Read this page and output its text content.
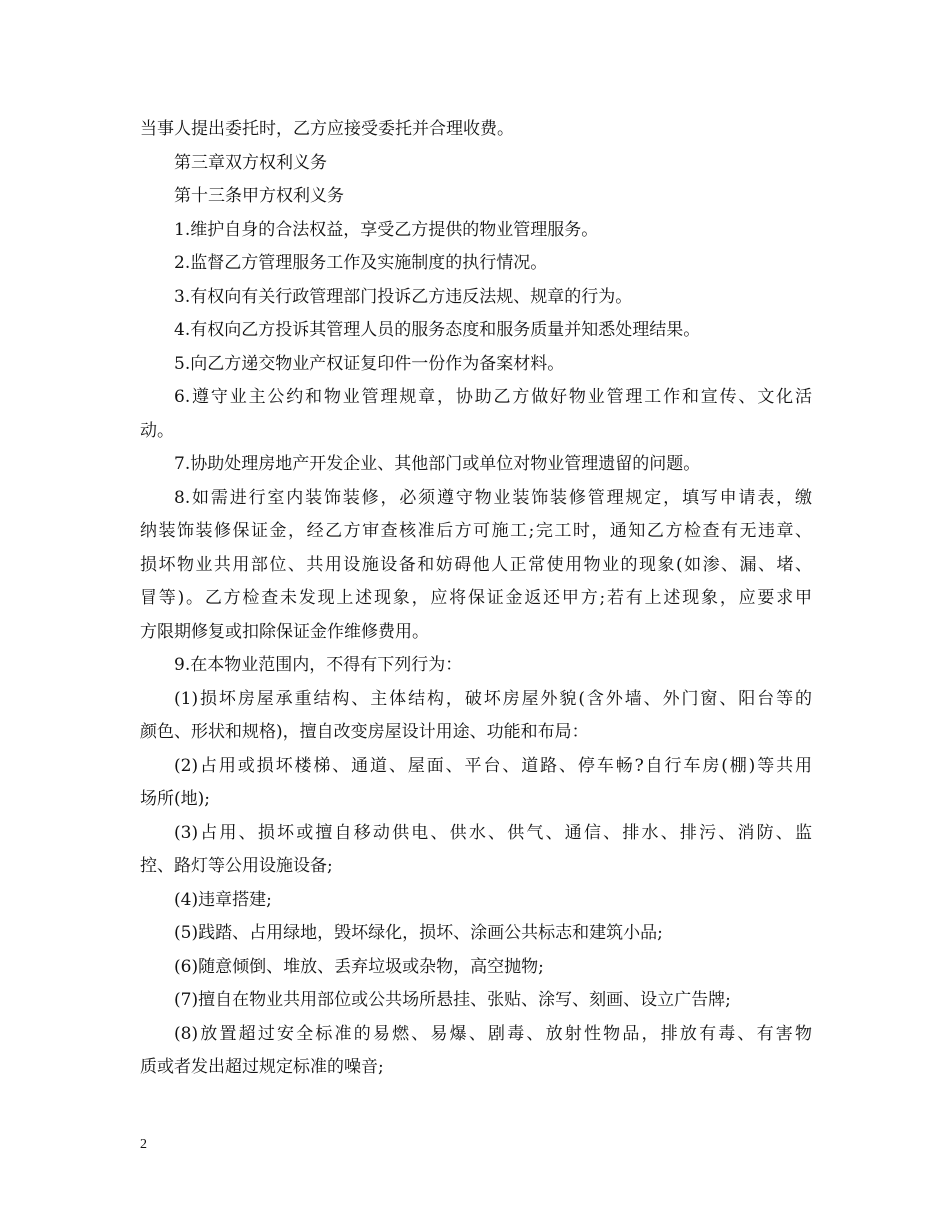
当事人提出委托时，乙方应接受委托并合理收费。
第三章双方权利义务
第十三条甲方权利义务
1.维护自身的合法权益，享受乙方提供的物业管理服务。
2.监督乙方管理服务工作及实施制度的执行情况。
3.有权向有关行政管理部门投诉乙方违反法规、规章的行为。
4.有权向乙方投诉其管理人员的服务态度和服务质量并知悉处理结果。
5.向乙方递交物业产权证复印件一份作为备案材料。
6.遵守业主公约和物业管理规章，协助乙方做好物业管理工作和宣传、文化活
动。
7.协助处理房地产开发企业、其他部门或单位对物业管理遗留的问题。
8.如需进行室内装饰装修，必须遵守物业装饰装修管理规定，填写申请表，缴
纳装饰装修保证金，经乙方审查核准后方可施工;完工时，通知乙方检查有无违章、
损坏物业共用部位、共用设施设备和妨碍他人正常使用物业的现象(如渗、漏、堵、
冒等)。乙方检查未发现上述现象，应将保证金返还甲方;若有上述现象，应要求甲
方限期修复或扣除保证金作维修费用。
9.在本物业范围内，不得有下列行为：
(1)损坏房屋承重结构、主体结构，破坏房屋外貌(含外墙、外门窗、阳台等的
颜色、形状和规格)，擅自改变房屋设计用途、功能和布局：
(2)占用或损坏楼梯、通道、屋面、平台、道路、停车畅?自行车房(棚)等共用
场所(地);
(3)占用、损坏或擅自移动供电、供水、供气、通信、排水、排污、消防、监
控、路灯等公用设施设备;
(4)违章搭建;
(5)践踏、占用绿地，毁坏绿化，损坏、涂画公共标志和建筑小品;
(6)随意倾倒、堆放、丢弃垃圾或杂物，高空抛物;
(7)擅自在物业共用部位或公共场所悬挂、张贴、涂写、刻画、设立广告牌;
(8)放置超过安全标准的易燃、易爆、剧毒、放射性物品，排放有毒、有害物
质或者发出超过规定标准的噪音;
2
